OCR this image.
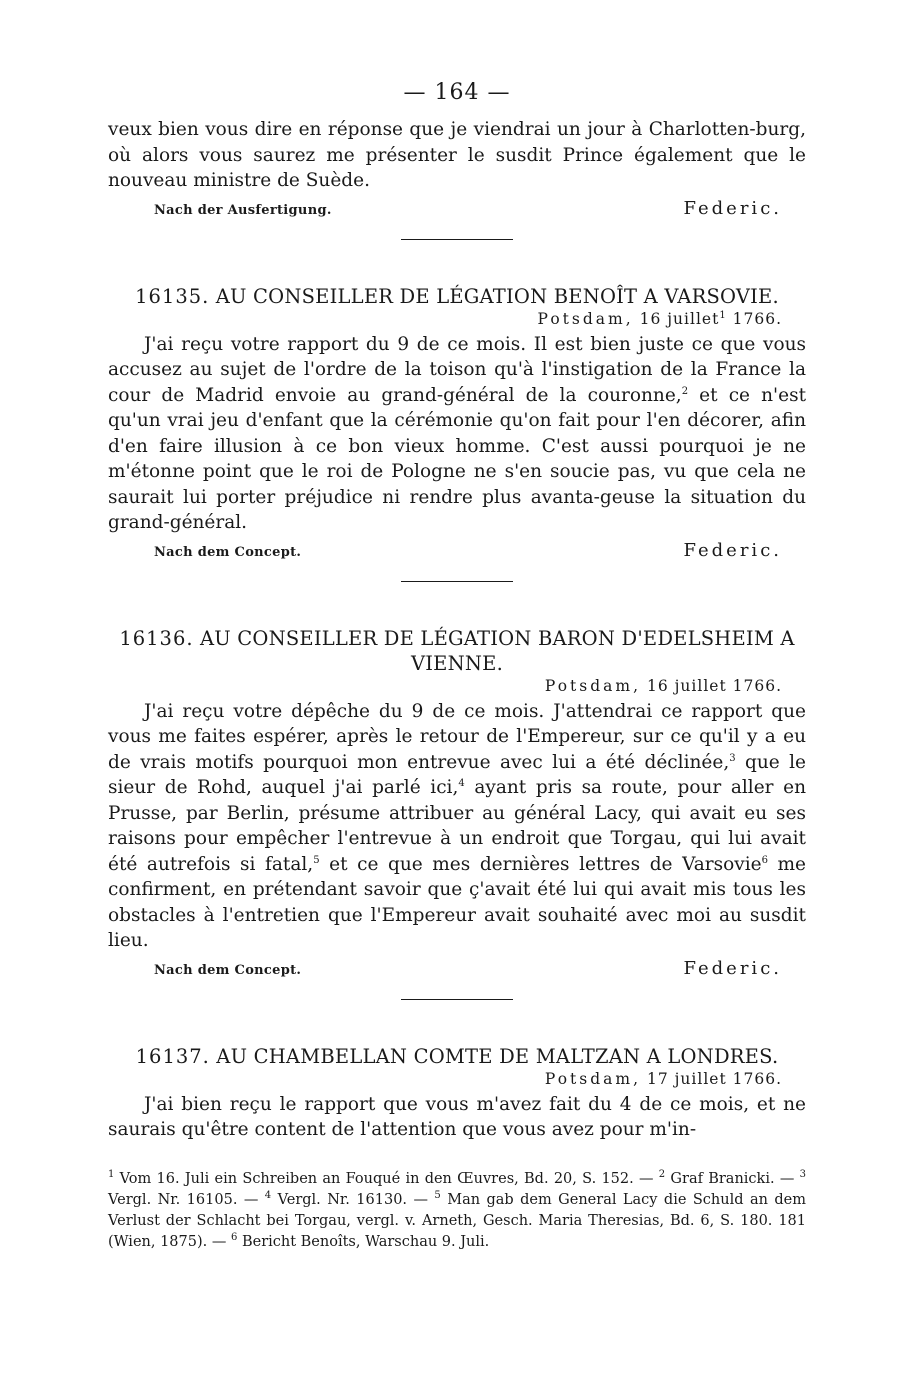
— 164 —

veux bien vous dire en réponse que je viendrai un jour à Charlotten-burg, où alors vous saurez me présenter le susdit Prince également que le nouveau ministre de Suède.

Nach der Ausfertigung.	Federic.
16135. AU CONSEILLER DE LÉGATION BENOÎT A VARSOVIE.
Potsdam, 16 juillet$^1$ 1766.

J'ai reçu votre rapport du 9 de ce mois. Il est bien juste ce que vous accusez au sujet de l'ordre de la toison qu'à l'instigation de la France la cour de Madrid envoie au grand-général de la couronne,$^2$ et ce n'est qu'un vrai jeu d'enfant que la cérémonie qu'on fait pour l'en décorer, afin d'en faire illusion à ce bon vieux homme. C'est aussi pourquoi je ne m'étonne point que le roi de Pologne ne s'en soucie pas, vu que cela ne saurait lui porter préjudice ni rendre plus avanta-geuse la situation du grand-général.

Nach dem Concept.	Federic.
16136. AU CONSEILLER DE LÉGATION BARON D'EDELSHEIM A VIENNE.
Potsdam, 16 juillet 1766.

J'ai reçu votre dépêche du 9 de ce mois. J'attendrai ce rapport que vous me faites espérer, après le retour de l'Empereur, sur ce qu'il y a eu de vrais motifs pourquoi mon entrevue avec lui a été déclinée,$^3$ que le sieur de Rohd, auquel j'ai parlé ici,$^4$ ayant pris sa route, pour aller en Prusse, par Berlin, présume attribuer au général Lacy, qui avait eu ses raisons pour empêcher l'entrevue à un endroit que Torgau, qui lui avait été autrefois si fatal,$^5$ et ce que mes dernières lettres de Varsovie$^6$ me confirment, en prétendant savoir que ç'avait été lui qui avait mis tous les obstacles à l'entretien que l'Empereur avait souhaité avec moi au susdit lieu.

Nach dem Concept.	Federic.
16137. AU CHAMBELLAN COMTE DE MALTZAN A LONDRES.
Potsdam, 17 juillet 1766.

J'ai bien reçu le rapport que vous m'avez fait du 4 de ce mois, et ne saurais qu'être content de l'attention que vous avez pour m'in-

$^1$ Vom 16. Juli ein Schreiben an Fouqué in den Œuvres, Bd. 20, S. 152. — $^2$ Graf Branicki. — $^3$ Vergl. Nr. 16105. — $^4$ Vergl. Nr. 16130. — $^5$ Man gab dem General Lacy die Schuld an dem Verlust der Schlacht bei Torgau, vergl. v. Arneth, Gesch. Maria Theresias, Bd. 6, S. 180. 181 (Wien, 1875). — $^6$ Bericht Benoîts, Warschau 9. Juli.
